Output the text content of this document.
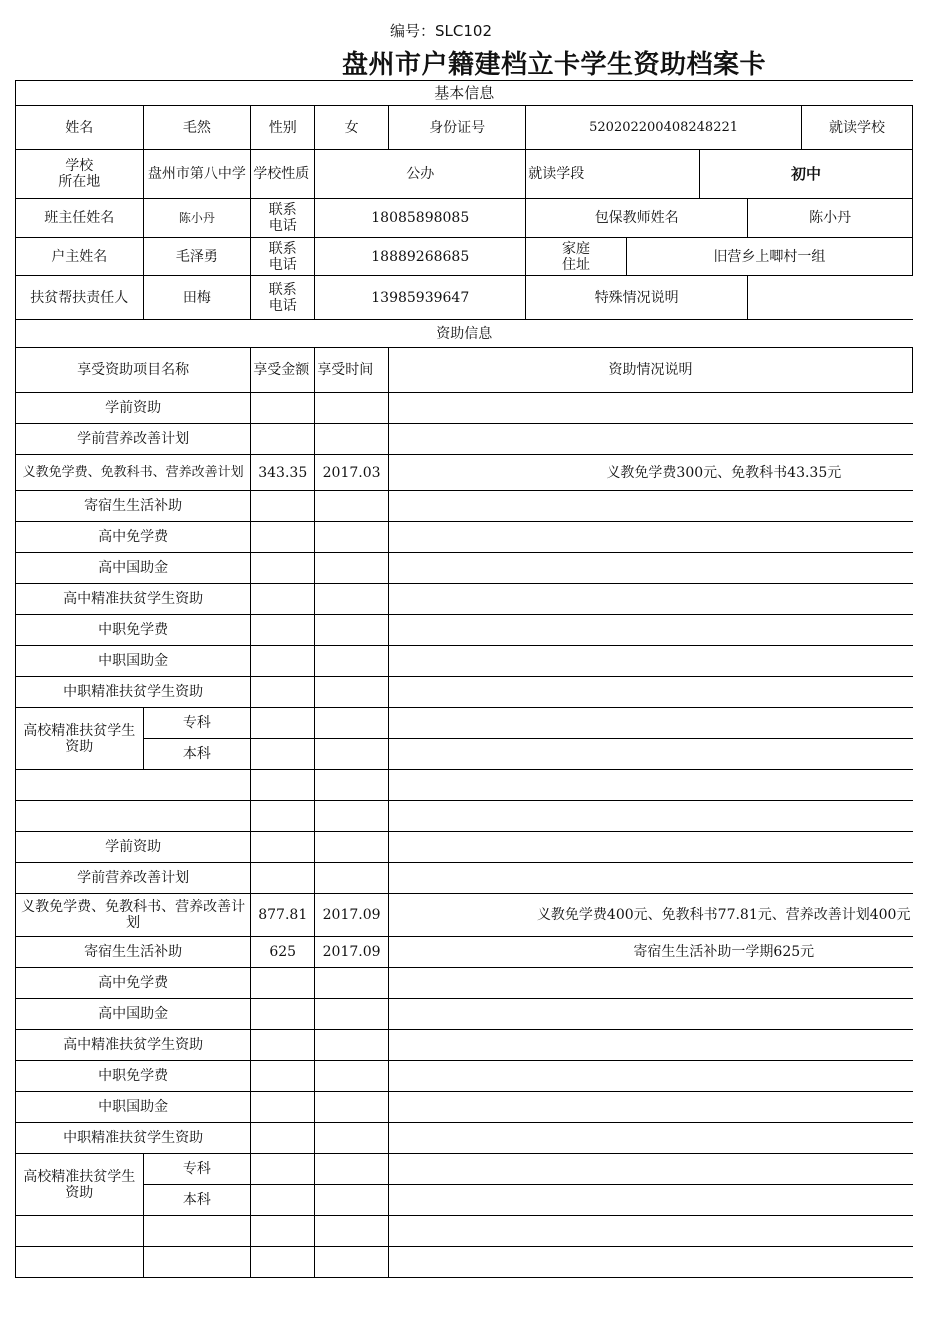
编号：SLC102
盘州市户籍建档立卡学生资助档案卡
基本信息									
姓名	毛然	性别	女	身份证号	520202200408248221				就读学校
学校
所在地	盘州市第八中学	学校性质	公办		就读学段		初中		
班主任姓名	陈小丹	联系
电话	18085898085		包保教师姓名			陈小丹	
户主姓名	毛泽勇	联系
电话	18889268685		家庭
住址	旧营乡上唧村一组			
扶贫帮扶责任人	田梅	联系
电话	13985939647		特殊情况说明				
资助信息									
享受资助项目名称		享受金额	享受时间	资助情况说明					
学前资助									
学前营养改善计划									
义教免学费、免教科书、营养改善计划		343.35	2017.03	义教免学费300元、免教科书43.35元					
寄宿生生活补助									
高中免学费									
高中国助金									
高中精准扶贫学生资助									
中职免学费									
中职国助金									
中职精准扶贫学生资助									
高校精准扶贫学生资助	专科								
	本科								

学前资助									
学前营养改善计划									
义教免学费、免教科书、营养改善计划		877.81	2017.09	义教免学费400元、免教科书77.81元、营养改善计划400元					
寄宿生生活补助		625	2017.09	寄宿生生活补助一学期625元					
高中免学费									
高中国助金									
高中精准扶贫学生资助									
中职免学费									
中职国助金									
中职精准扶贫学生资助									
高校精准扶贫学生资助	专科								
	本科								
